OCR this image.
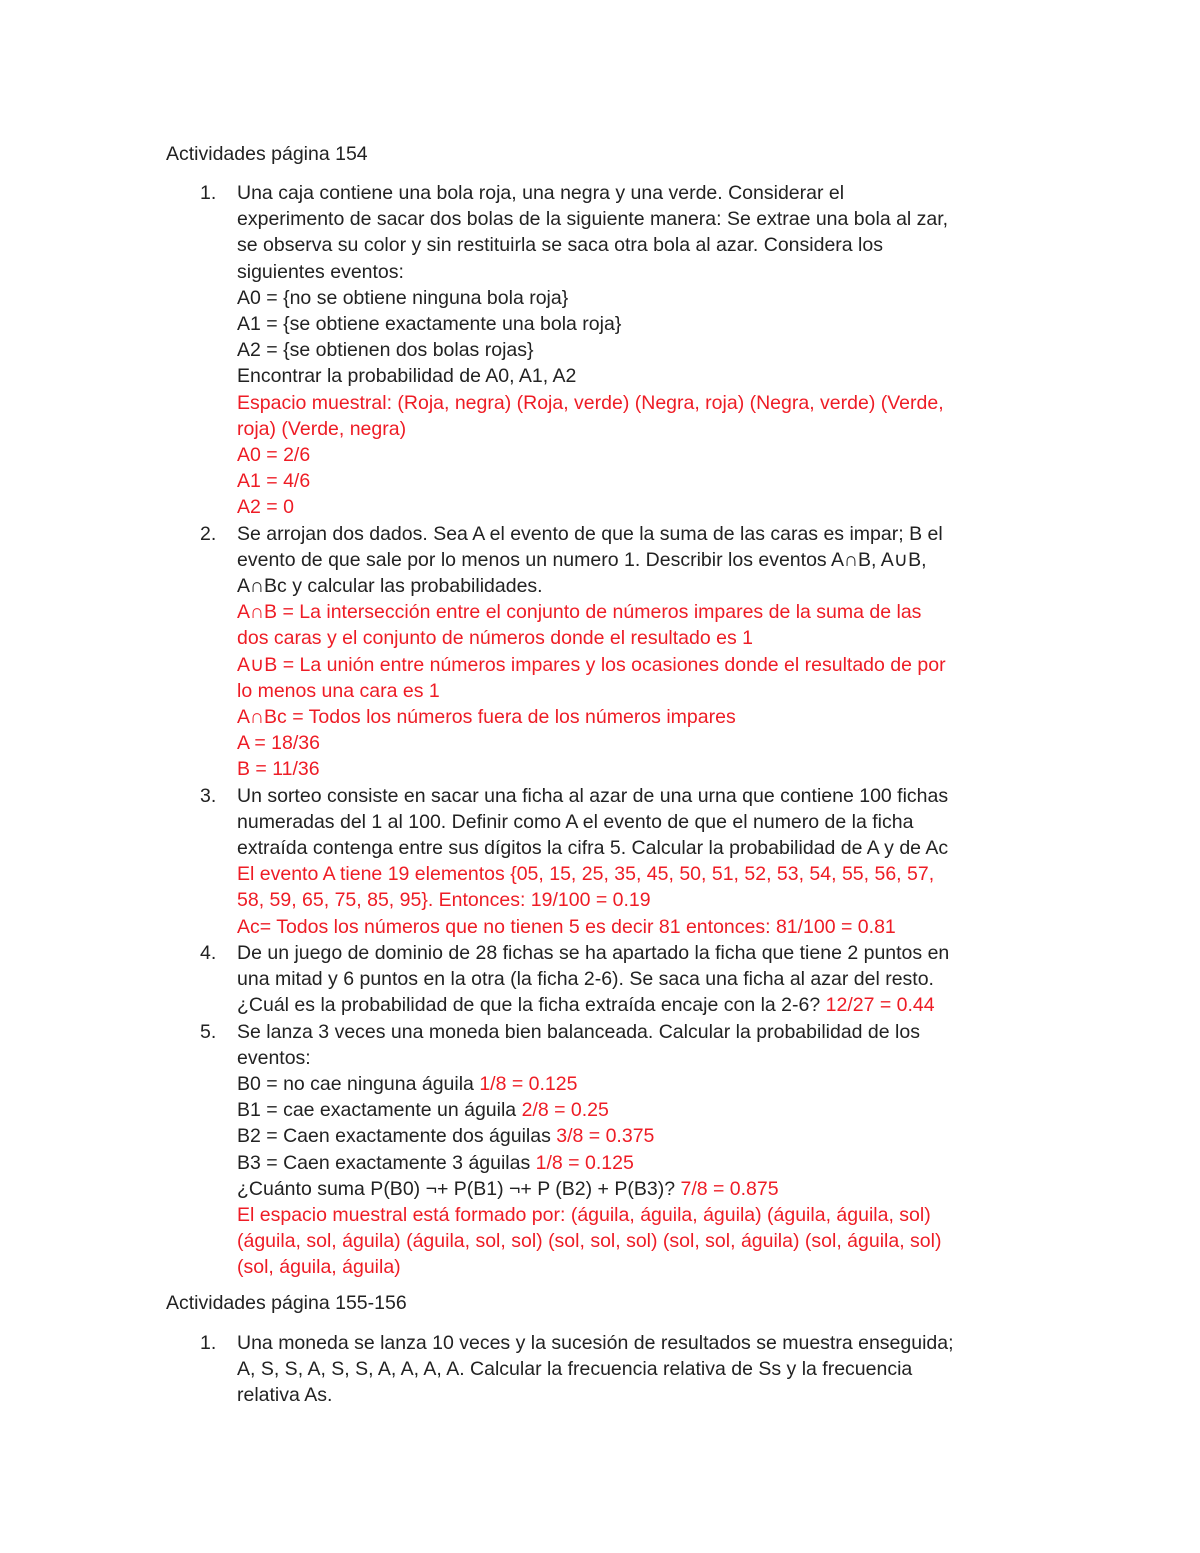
Actividades página 154
1.	Una caja contiene una bola roja, una negra y una verde. Considerar el
experimento de sacar dos bolas de la siguiente manera: Se extrae una bola al zar,
se observa su color y sin restituirla se saca otra bola al azar. Considera los
siguientes eventos:
A0 = {no se obtiene ninguna bola roja}
A1 = {se obtiene exactamente una bola roja}
A2 = {se obtienen dos bolas rojas}
Encontrar la probabilidad de A0, A1, A2
Espacio muestral: (Roja, negra) (Roja, verde) (Negra, roja) (Negra, verde) (Verde,
roja) (Verde, negra)
A0 = 2/6
A1 = 4/6
A2 = 0
2.	Se arrojan dos dados. Sea A el evento de que la suma de las caras es impar; B el
evento de que sale por lo menos un numero 1. Describir los eventos A∩B, A∪B,
A∩Bc y calcular las probabilidades.
A∩B = La intersección entre el conjunto de números impares de la suma de las
dos caras y el conjunto de números donde el resultado es 1
A∪B = La unión entre números impares y los ocasiones donde el resultado de por
lo menos una cara es 1
A∩Bc = Todos los números fuera de los números impares
A = 18/36
B = 11/36
3.	Un sorteo consiste en sacar una ficha al azar de una urna que contiene 100 fichas
numeradas del 1 al 100. Definir como A el evento de que el numero de la ficha
extraída contenga entre sus dígitos la cifra 5. Calcular la probabilidad de A y de Ac
El evento A tiene 19 elementos {05, 15, 25, 35, 45, 50, 51, 52, 53, 54, 55, 56, 57,
58, 59, 65, 75, 85, 95}. Entonces: 19/100 = 0.19
Ac= Todos los números que no tienen 5 es decir 81 entonces: 81/100 = 0.81
4.	De un juego de dominio de 28 fichas se ha apartado la ficha que tiene 2 puntos en
una mitad y 6 puntos en la otra (la ficha 2-6). Se saca una ficha al azar del resto.
¿Cuál es la probabilidad de que la ficha extraída encaje con la 2-6? 12/27 = 0.44
5.	Se lanza 3 veces una moneda bien balanceada. Calcular la probabilidad de los
eventos:
B0 = no cae ninguna águila 1/8 = 0.125
B1 = cae exactamente un águila 2/8 = 0.25
B2 = Caen exactamente dos águilas 3/8 = 0.375
B3 = Caen exactamente 3 águilas 1/8 = 0.125
¿Cuánto suma P(B0) ¬+ P(B1) ¬+ P (B2) + P(B3)? 7/8 = 0.875
El espacio muestral está formado por: (águila, águila, águila) (águila, águila, sol)
(águila, sol, águila) (águila, sol, sol) (sol, sol, sol) (sol, sol, águila) (sol, águila, sol)
(sol, águila, águila)
Actividades página 155-156
1.	Una moneda se lanza 10 veces y la sucesión de resultados se muestra enseguida;
A, S, S, A, S, S, A, A, A, A. Calcular la frecuencia relativa de Ss y la frecuencia
relativa As.
